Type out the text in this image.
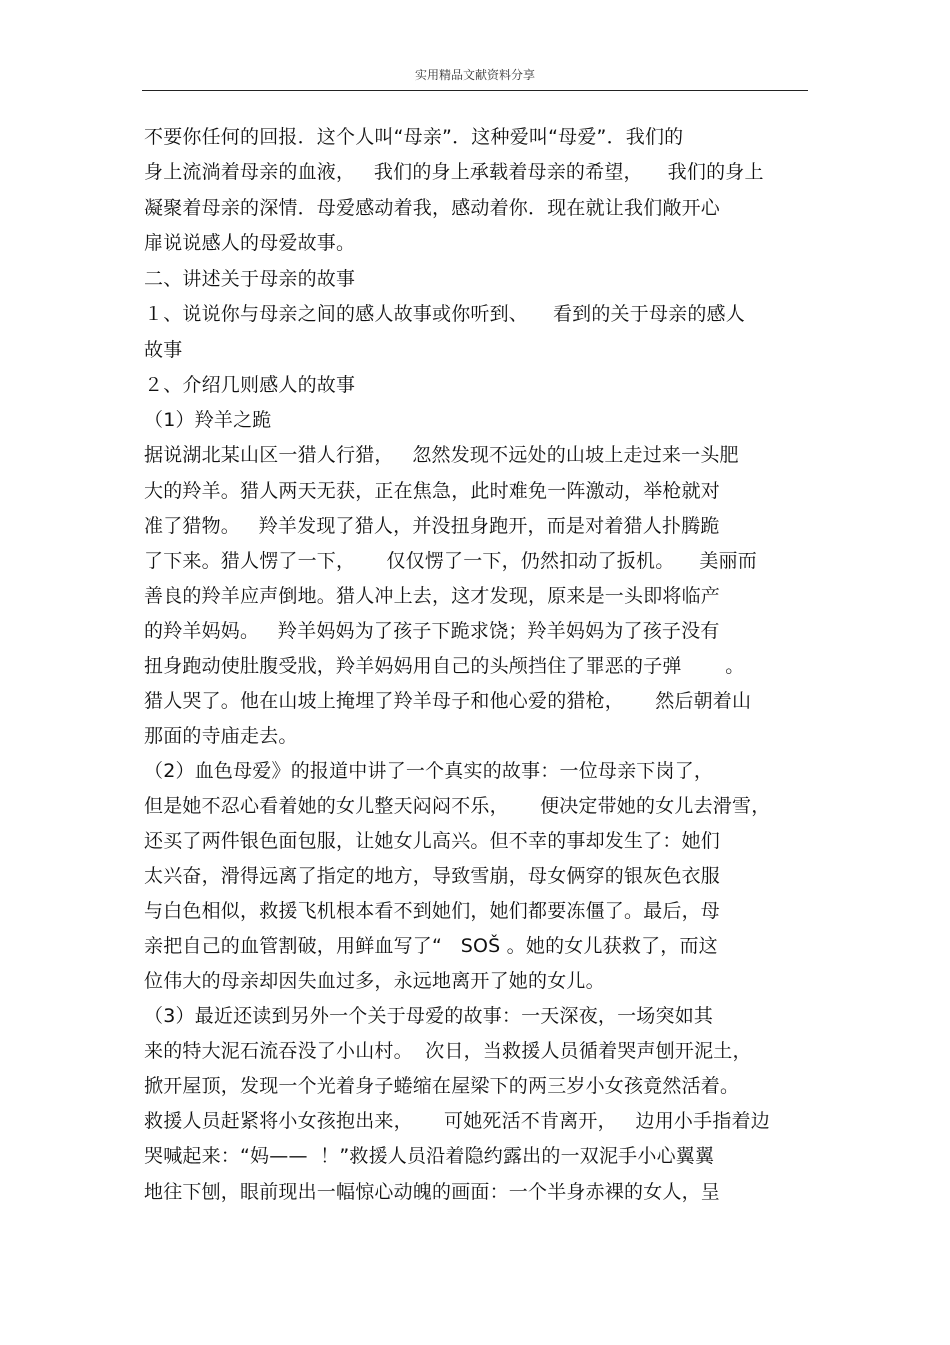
实用精品文献资料分享
不要你任何的回报．这个人叫“母亲”．这种爱叫“母爱”．我们的
身上流淌着母亲的血液，   我们的身上承载着母亲的希望，    我们的身上
凝聚着母亲的深情．母爱感动着我，感动着你．现在就让我们敞开心
扉说说感人的母爱故事。
二、讲述关于母亲的故事
１、说说你与母亲之间的感人故事或你听到、    看到的关于母亲的感人
故事
２、介绍几则感人的故事
（1）羚羊之跪
据说湖北某山区一猎人行猎，   忽然发现不远处的山坡上走过来一头肥
大的羚羊。猎人两天无获，正在焦急，此时难免一阵激动，举枪就对
准了猎物。   羚羊发现了猎人，并没扭身跑开，而是对着猎人扑腾跪
了下来。猎人愣了一下，     仅仅愣了一下，仍然扣动了扳机。    美丽而
善良的羚羊应声倒地。猎人冲上去，这才发现，原来是一头即将临产
的羚羊妈妈。   羚羊妈妈为了孩子下跪求饶；羚羊妈妈为了孩子没有
扭身跑动使肚腹受戕，羚羊妈妈用自己的头颅挡住了罪恶的子弹       。
猎人哭了。他在山坡上掩埋了羚羊母子和他心爱的猎枪，     然后朝着山
那面的寺庙走去。
（2）血色母爱》的报道中讲了一个真实的故事：一位母亲下岗了，
但是她不忍心看着她的女儿整天闷闷不乐，     便决定带她的女儿去滑雪，
还买了两件银色面包服，让她女儿高兴。但不幸的事却发生了：她们
太兴奋，滑得远离了指定的地方，导致雪崩，母女俩穿的银灰色衣服
与白色相似，救援飞机根本看不到她们，她们都要冻僵了。最后，母
亲把自己的血管割破，用鲜血写了“   SOŠ 。她的女儿获救了，而这
位伟大的母亲却因失血过多，永远地离开了她的女儿。
（3）最近还读到另外一个关于母爱的故事：一天深夜，一场突如其
来的特大泥石流吞没了小山村。  次日，当救援人员循着哭声刨开泥土，
掀开屋顶，发现一个光着身子蜷缩在屋梁下的两三岁小女孩竟然活着。
救援人员赶紧将小女孩抱出来，     可她死活不肯离开，   边用小手指着边
哭喊起来：“妈——  ！”救援人员沿着隐约露出的一双泥手小心翼翼
地往下刨，眼前现出一幅惊心动魄的画面：一个半身赤裸的女人，呈
